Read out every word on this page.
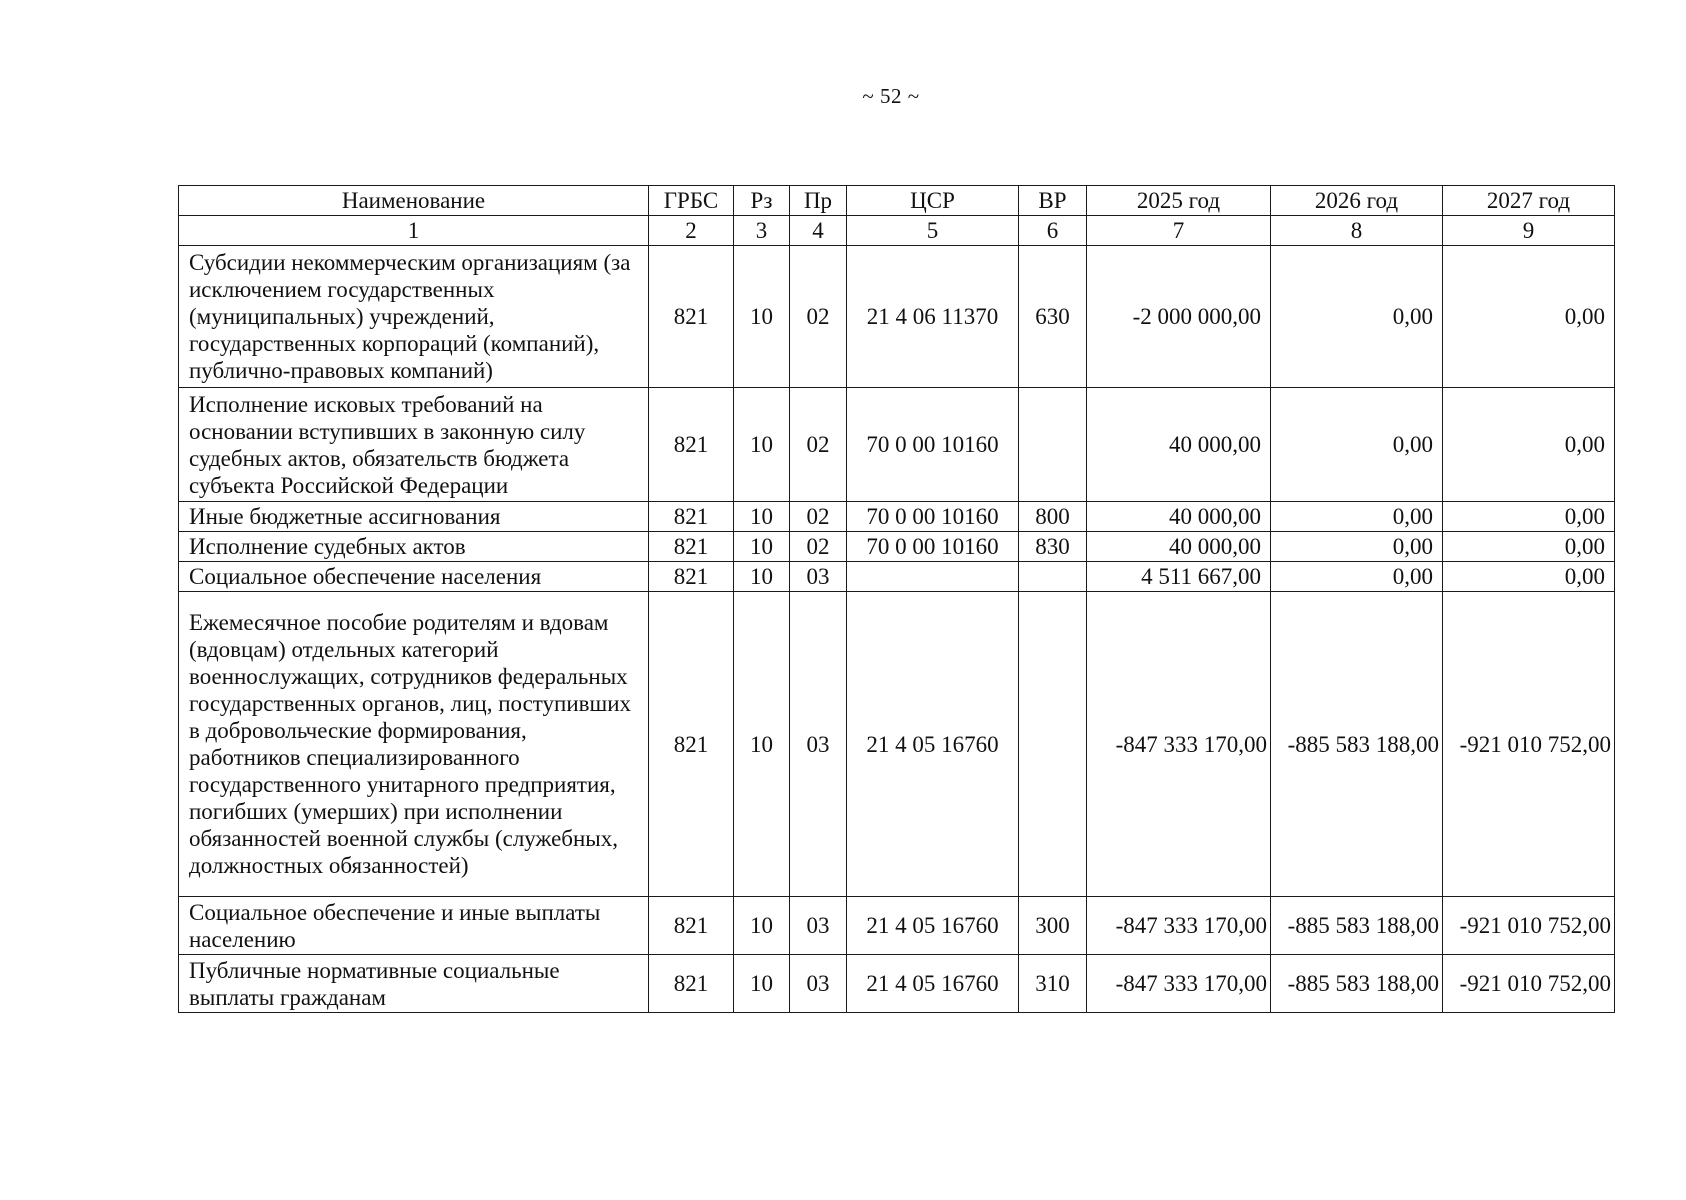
~ 52 ~
Наименование	ГРБС	Рз	Пр	ЦСР	ВР	2025 год	2026 год	2027 год
1	2	3	4	5	6	7	8	9
Субсидии некоммерческим организациям (за исключением государственных (муниципальных) учреждений, государственных корпораций (компаний), публично-правовых компаний)	821	10	02	21 4 06 11370	630	-2 000 000,00	0,00	0,00
Исполнение исковых требований на основании вступивших в законную силу судебных актов, обязательств бюджета субъекта Российской Федерации	821	10	02	70 0 00 10160		40 000,00	0,00	0,00
Иные бюджетные ассигнования	821	10	02	70 0 00 10160	800	40 000,00	0,00	0,00
Исполнение судебных актов	821	10	02	70 0 00 10160	830	40 000,00	0,00	0,00
Социальное обеспечение населения	821	10	03			4 511 667,00	0,00	0,00
Ежемесячное пособие родителям и вдовам (вдовцам) отдельных категорий военнослужащих, сотрудников федеральных государственных органов, лиц, поступивших в добровольческие формирования, работников специализированного государственного унитарного предприятия, погибших (умерших) при исполнении обязанностей военной службы (служебных, должностных обязанностей)	821	10	03	21 4 05 16760		-847 333 170,00	-885 583 188,00	-921 010 752,00
Социальное обеспечение и иные выплаты населению	821	10	03	21 4 05 16760	300	-847 333 170,00	-885 583 188,00	-921 010 752,00
Публичные нормативные социальные выплаты гражданам	821	10	03	21 4 05 16760	310	-847 333 170,00	-885 583 188,00	-921 010 752,00
